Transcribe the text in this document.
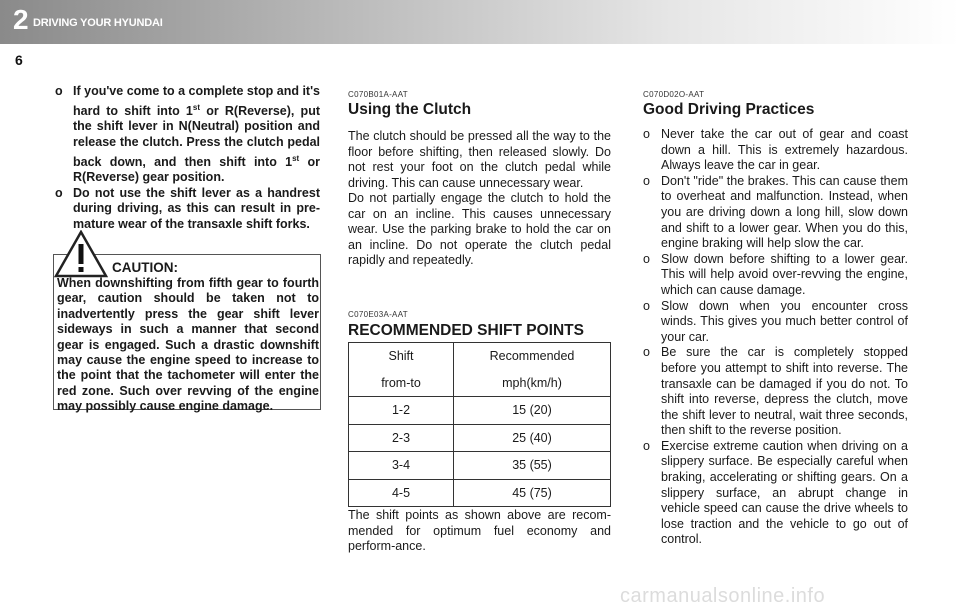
2 DRIVING YOUR HYUNDAI
6

o If you've come to a complete stop and it's hard to shift into 1st or R(Reverse), put the shift lever in N(Neutral) position and release the clutch. Press the clutch pedal back down, and then shift into 1st or R(Reverse) gear position.

o Do not use the shift lever as a handrest during driving, as this can result in pre-mature wear of the transaxle shift forks.

CAUTION:

When downshifting from fifth gear to fourth gear, caution should be taken not to inadvertently press the gear shift lever sideways in such a manner that second gear is engaged. Such a drastic downshift may cause the engine speed to increase to the point that the tachometer will enter the red zone. Such over revving of the engine may possibly cause engine damage.

C070B01A-AAT
Using the Clutch

The clutch should be pressed all the way to the floor before shifting, then released slowly. Do not rest your foot on the clutch pedal while driving. This can cause unnecessary wear.

Do not partially engage the clutch to hold the car on an incline. This causes unnecessary wear. Use the parking brake to hold the car on an incline. Do not operate the clutch pedal rapidly and repeatedly.

C070E03A-AAT
RECOMMENDED SHIFT POINTS
Shift	Recommended
from-to	mph(km/h)
1-2	15 (20)
2-3	25 (40)
3-4	35 (55)
4-5	45 (75)

The shift points as shown above are recom-mended for optimum fuel economy and perform-ance.

C070D02O-AAT
Good Driving Practices
o Never take the car out of gear and coast down a hill. This is extremely hazardous. Always leave the car in gear.
o Don't "ride" the brakes. This can cause them to overheat and malfunction. Instead, when you are driving down a long hill, slow down and shift to a lower gear. When you do this, engine braking will help slow the car.
o Slow down before shifting to a lower gear. This will help avoid over-revving the engine, which can cause damage.
o Slow down when you encounter cross winds. This gives you much better control of your car.
o Be sure the car is completely stopped before you attempt to shift into reverse. The transaxle can be damaged if you do not. To shift into reverse, depress the clutch, move the shift lever to neutral, wait three seconds, then shift to the reverse position.
o Exercise extreme caution when driving on a slippery surface. Be especially careful when braking, accelerating or shifting gears. On a slippery surface, an abrupt change in vehicle speed can cause the drive wheels to lose traction and the vehicle to go out of control.
carmanualsonline.info
